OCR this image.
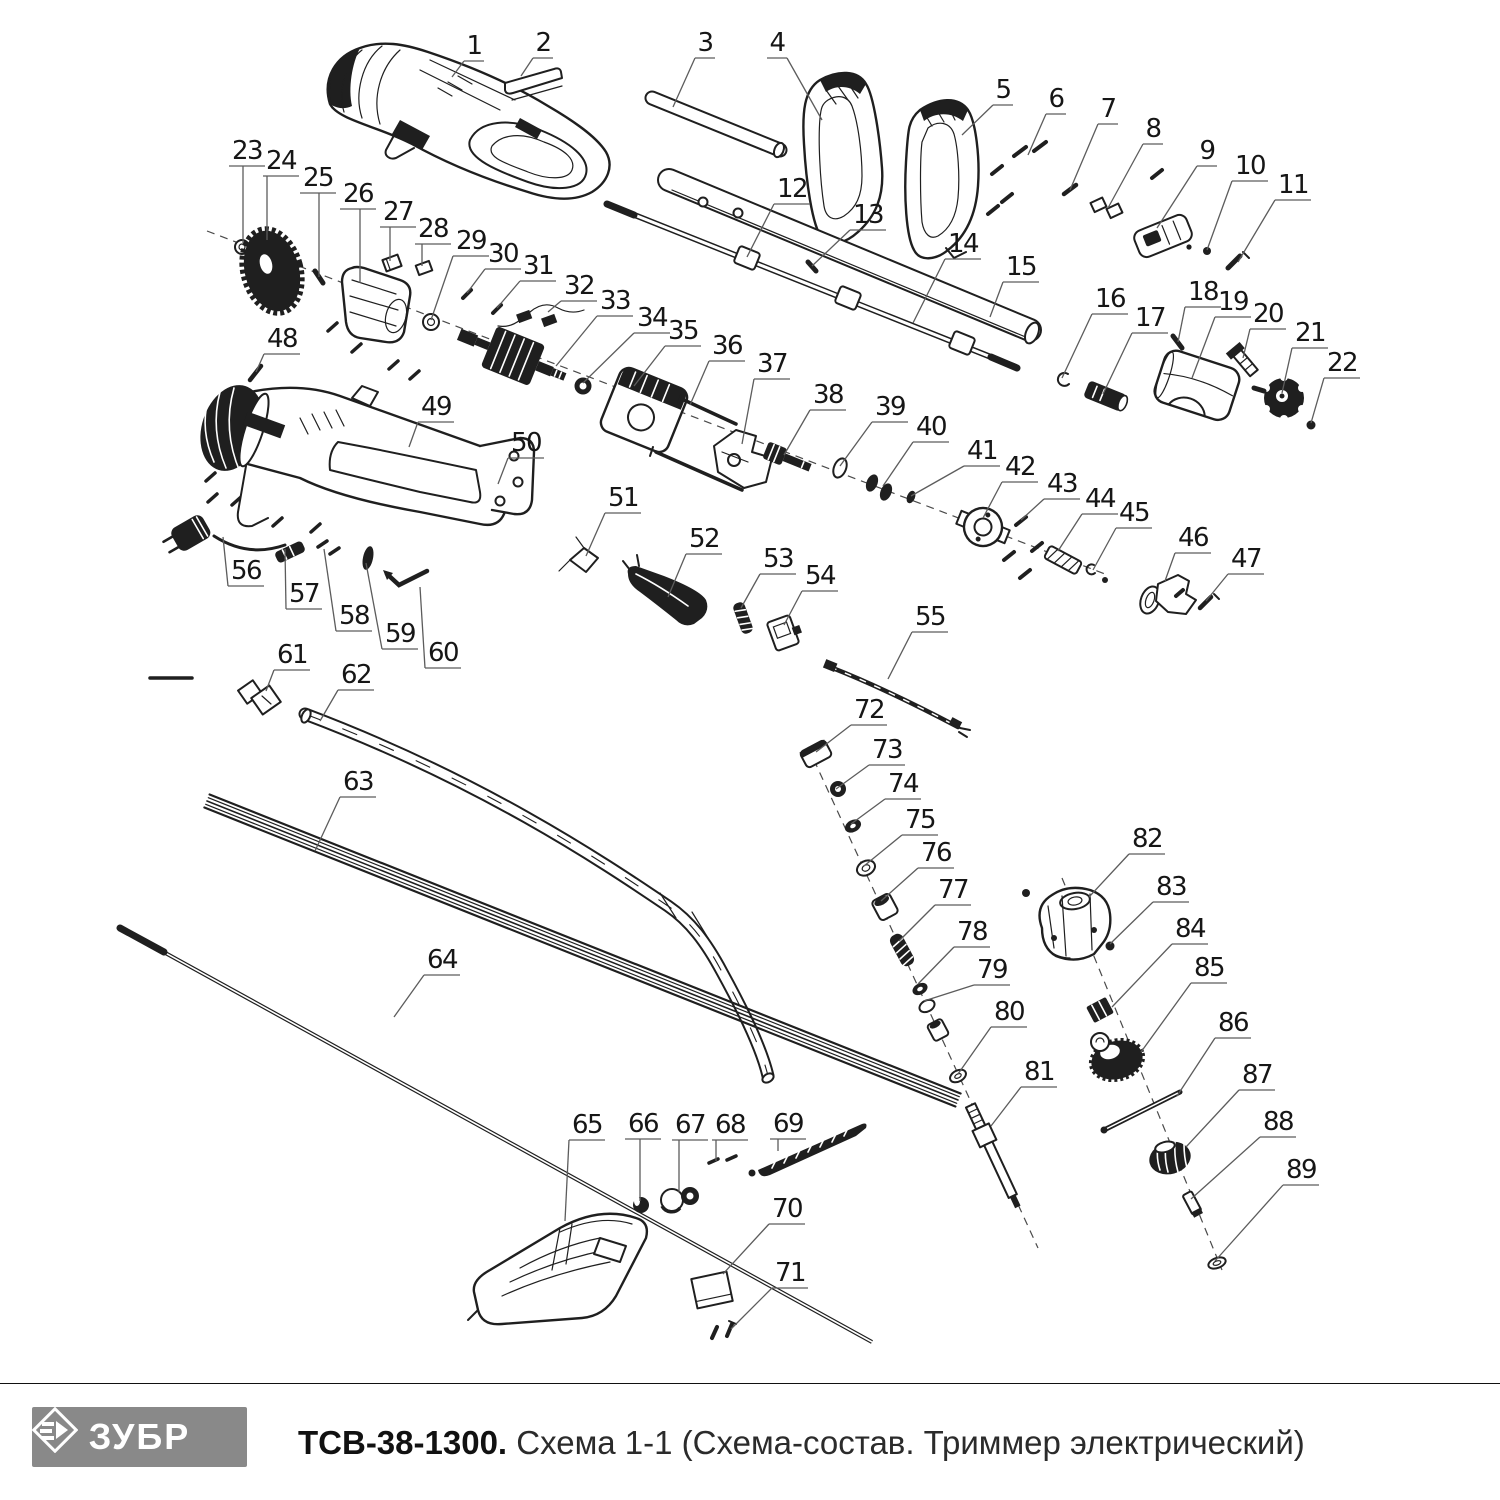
1 2	3 4
5 6 7
8
9 10
11
12
13
14
15
16
17
18 19 20
21
22
23 24
25
26
27
28 29 30 31
32 33
34 35 36
37
38 39
40
41
42
43 44 45
46
47
48
49
50
51
52
53
54
55
56
57
58
59
60
61
62
63
64
65 66 67 68 69
70
71
72
73
74
75
76
77
78
79
80
81
82
83
84
85
86
87
88
89
ЗУБР	ТСВ-38-1300. Схема 1-1 (Схема-состав. Триммер электрический)
